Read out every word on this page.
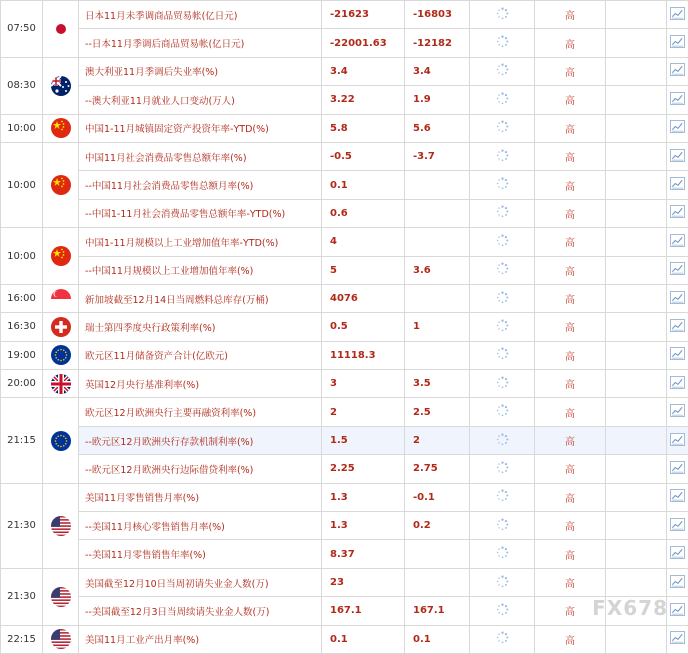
07:50		日本11月未季调商品贸易帐(亿日元)	-21623	-16803		高		
		--日本11月季调后商品贸易帐(亿日元)	-22001.63	-12182		高		
08:30		澳大利亚11月季调后失业率(%)	3.4	3.4		高		
		--澳大利亚11月就业人口变动(万人)	3.22	1.9		高		
10:00		中国1-11月城镇固定资产投资年率-YTD(%)	5.8	5.6		高		
10:00		中国11月社会消费品零售总额年率(%)	-0.5	-3.7		高		
		--中国11月社会消费品零售总额月率(%)	0.1			高		
		--中国1-11月社会消费品零售总额年率-YTD(%)	0.6			高		
10:00		中国1-11月规模以上工业增加值年率-YTD(%)	4			高		
		--中国11月规模以上工业增加值年率(%)	5	3.6		高		
16:00		新加坡截至12月14日当周燃料总库存(万桶)	4076			高		
16:30		瑞士第四季度央行政策利率(%)	0.5	1		高		
19:00		欧元区11月储备资产合计(亿欧元)	11118.3			高		
20:00		英国12月央行基准利率(%)	3	3.5		高		
21:15		欧元区12月欧洲央行主要再融资利率(%)	2	2.5		高		
		--欧元区12月欧洲央行存款机制利率(%)	1.5	2		高		
		--欧元区12月欧洲央行边际借贷利率(%)	2.25	2.75		高		
21:30		美国11月零售销售月率(%)	1.3	-0.1		高		
		--美国11月核心零售销售月率(%)	1.3	0.2		高		
		--美国11月零售销售年率(%)	8.37			高		
21:30		美国截至12月10日当周初请失业金人数(万)	23			高		
		--美国截至12月3日当周续请失业金人数(万)	167.1	167.1		高		
22:15		美国11月工业产出月率(%)	0.1	0.1		高		
FX678
